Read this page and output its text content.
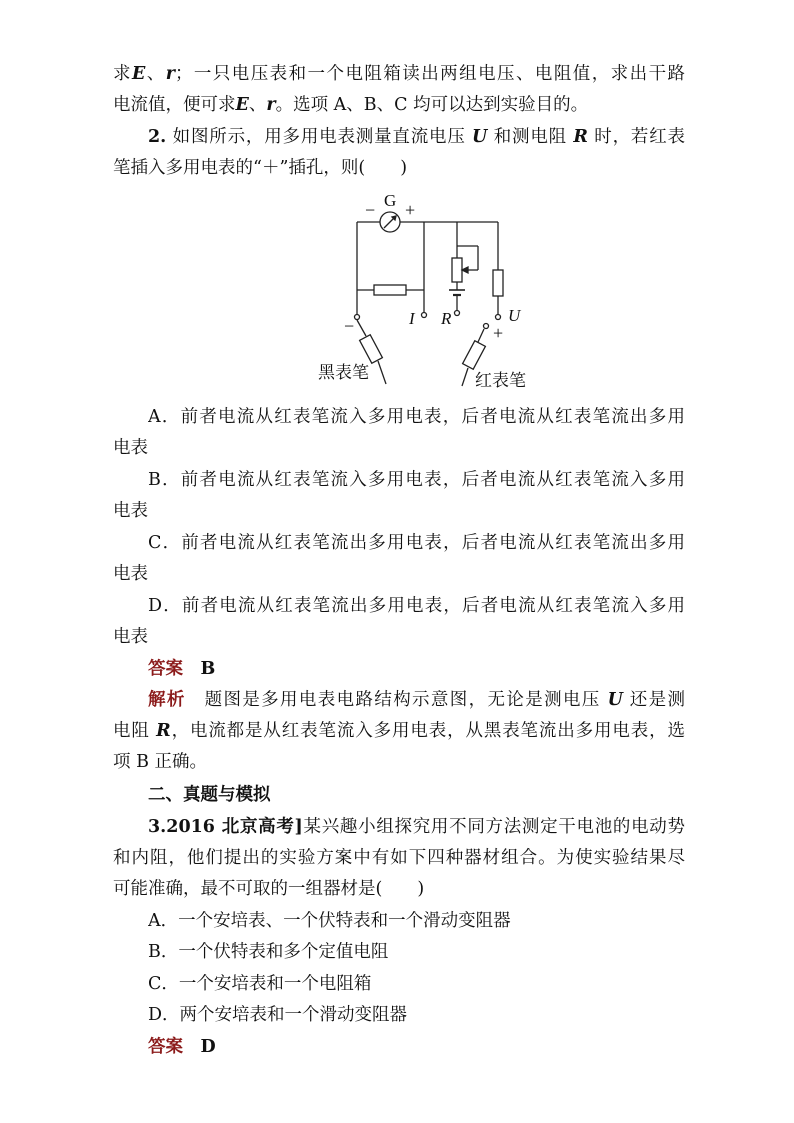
求E、r；一只电压表和一个电阻箱读出两组电压、电阻值，求出干路
电流值，便可求E、r。选项 A、B、C 均可以达到实验目的。
2. 如图所示，用多用电表测量直流电压 U 和测电阻 R 时，若红表
笔插入多用电表的“＋”插孔，则(　　)
G
− +
I R	U
−	+
黑表笔	红表笔
A．前者电流从红表笔流入多用电表，后者电流从红表笔流出多用
电表
B．前者电流从红表笔流入多用电表，后者电流从红表笔流入多用
电表
C．前者电流从红表笔流出多用电表，后者电流从红表笔流出多用
电表
D．前者电流从红表笔流出多用电表，后者电流从红表笔流入多用
电表
答案　 B
解析　题图是多用电表电路结构示意图，无论是测电压 U 还是测
电阻 R，电流都是从红表笔流入多用电表，从黑表笔流出多用电表，选
项 B 正确。
二、真题与模拟
3.2016 北京高考]某兴趣小组探究用不同方法测定干电池的电动势
和内阻，他们提出的实验方案中有如下四种器材组合。为使实验结果尽
可能准确，最不可取的一组器材是(　　)
A．一个安培表、一个伏特表和一个滑动变阻器
B．一个伏特表和多个定值电阻
C．一个安培表和一个电阻箱
D．两个安培表和一个滑动变阻器
答案　 D
